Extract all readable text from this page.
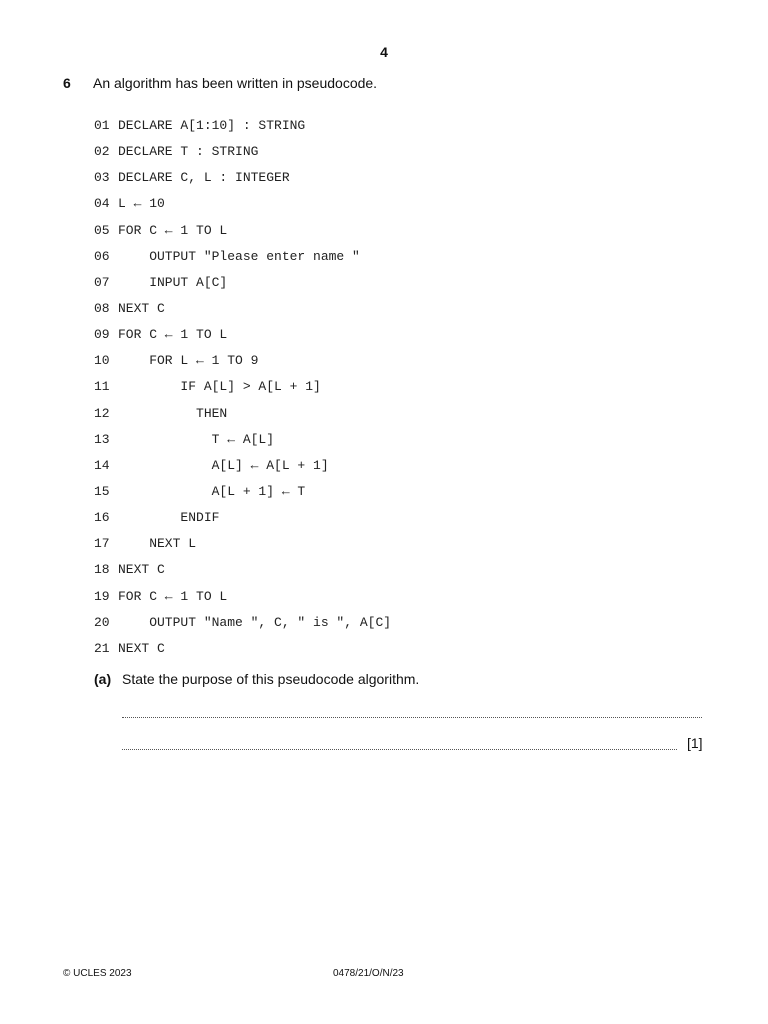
4
6 An algorithm has been written in pseudocode.
01 DECLARE A[1:10] : STRING
02 DECLARE T : STRING
03 DECLARE C, L : INTEGER
04 L ← 10
05 FOR C ← 1 TO L
06    OUTPUT "Please enter name "
07    INPUT A[C]
08 NEXT C
09 FOR C ← 1 TO L
10    FOR L ← 1 TO 9
11        IF A[L] > A[L + 1]
12          THEN
13            T ← A[L]
14            A[L] ← A[L + 1]
15            A[L + 1] ← T
16        ENDIF
17    NEXT L
18 NEXT C
19 FOR C ← 1 TO L
20    OUTPUT "Name ", C, " is ", A[C]
21 NEXT C
(a) State the purpose of this pseudocode algorithm.
[1]
© UCLES 2023	0478/21/O/N/23
